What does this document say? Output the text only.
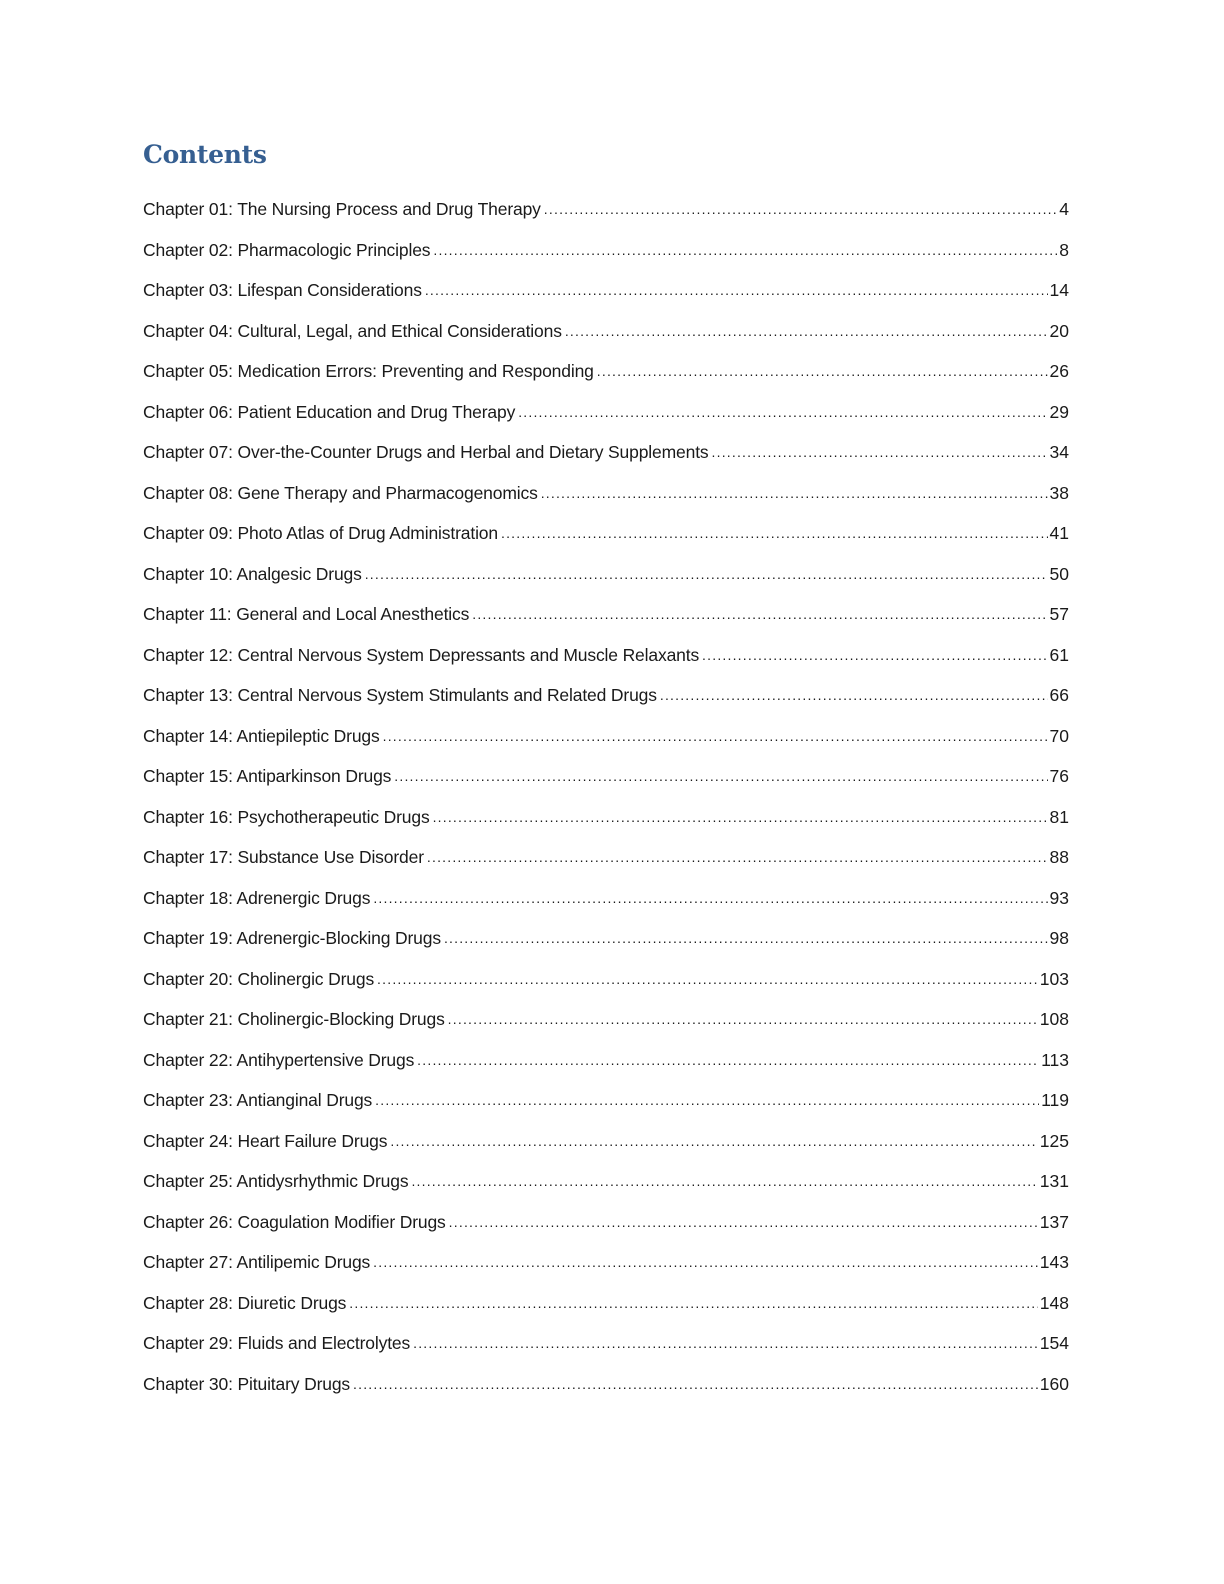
Contents
Chapter 01: The Nursing Process and Drug Therapy .....	4
Chapter 02: Pharmacologic Principles .....	8
Chapter 03: Lifespan Considerations .....	14
Chapter 04: Cultural, Legal, and Ethical Considerations .....	20
Chapter 05: Medication Errors: Preventing and Responding .....	26
Chapter 06: Patient Education and Drug Therapy .....	29
Chapter 07: Over-the-Counter Drugs and Herbal and Dietary Supplements .....	34
Chapter 08: Gene Therapy and Pharmacogenomics .....	38
Chapter 09: Photo Atlas of Drug Administration .....	41
Chapter 10: Analgesic Drugs .....	50
Chapter 11: General and Local Anesthetics .....	57
Chapter 12: Central Nervous System Depressants and Muscle Relaxants .....	61
Chapter 13: Central Nervous System Stimulants and Related Drugs .....	66
Chapter 14: Antiepileptic Drugs .....	70
Chapter 15: Antiparkinson Drugs .....	76
Chapter 16: Psychotherapeutic Drugs .....	81
Chapter 17: Substance Use Disorder .....	88
Chapter 18: Adrenergic Drugs .....	93
Chapter 19: Adrenergic-Blocking Drugs .....	98
Chapter 20: Cholinergic Drugs .....	103
Chapter 21: Cholinergic-Blocking Drugs .....	108
Chapter 22: Antihypertensive Drugs .....	113
Chapter 23: Antianginal Drugs .....	119
Chapter 24: Heart Failure Drugs .....	125
Chapter 25: Antidysrhythmic Drugs .....	131
Chapter 26: Coagulation Modifier Drugs .....	137
Chapter 27: Antilipemic Drugs .....	143
Chapter 28: Diuretic Drugs .....	148
Chapter 29: Fluids and Electrolytes .....	154
Chapter 30: Pituitary Drugs .....	160
